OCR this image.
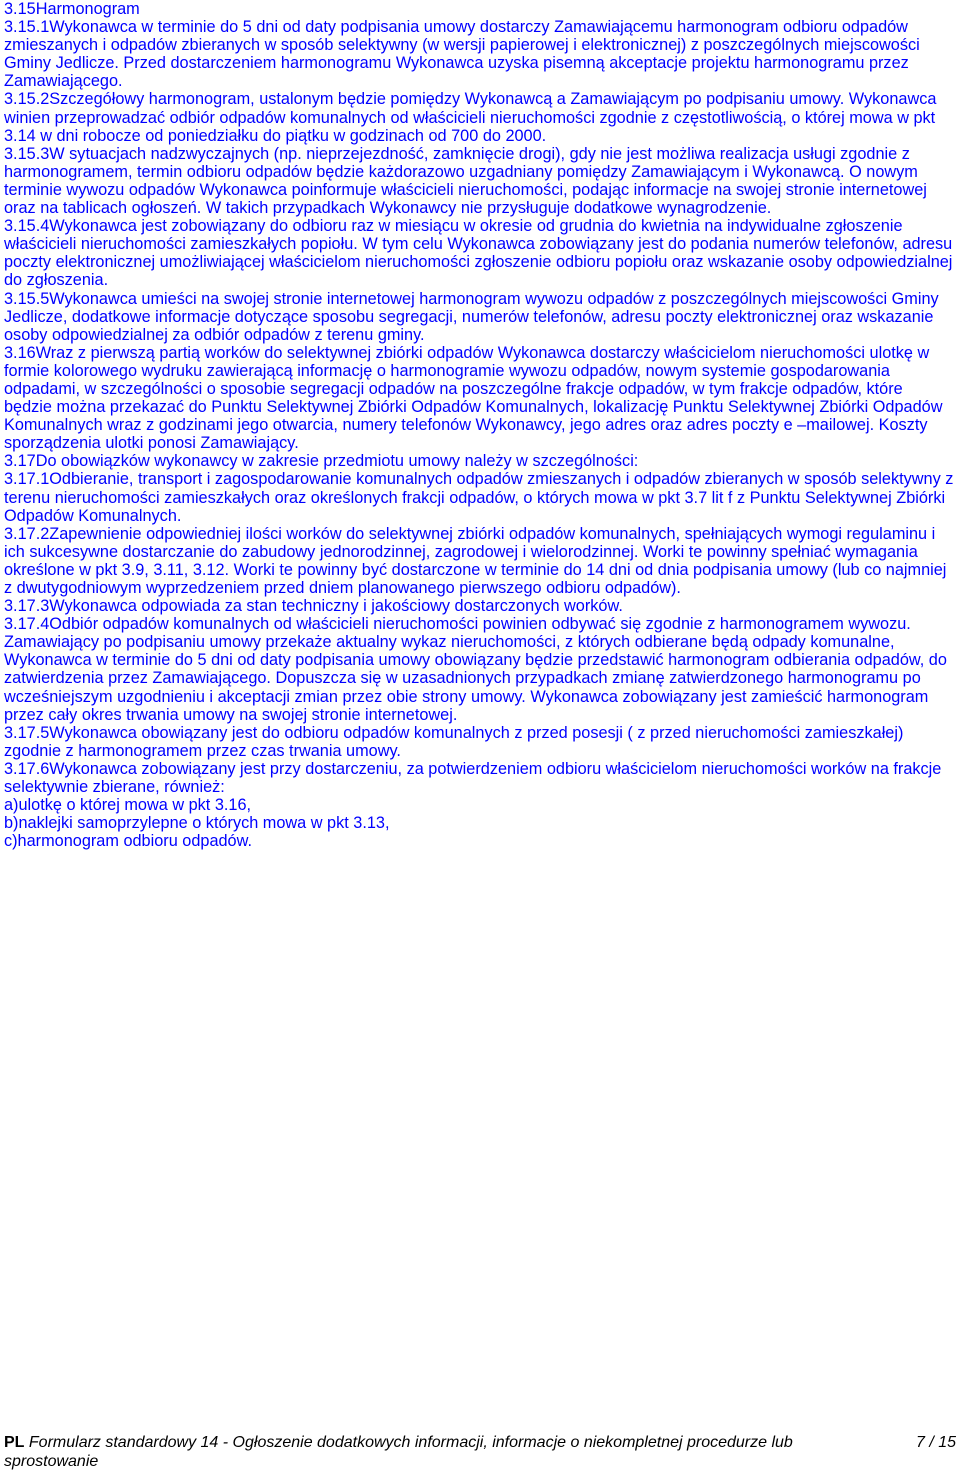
3.15Harmonogram

3.15.1Wykonawca w terminie do 5 dni od daty podpisania umowy dostarczy Zamawiającemu harmonogram odbioru odpadów zmieszanych i odpadów zbieranych w sposób selektywny (w wersji papierowej i elektronicznej) z poszczególnych miejscowości Gminy Jedlicze. Przed dostarczeniem harmonogramu Wykonawca uzyska pisemną akceptacje projektu harmonogramu przez Zamawiającego.

3.15.2Szczegółowy harmonogram, ustalonym będzie pomiędzy Wykonawcą a Zamawiającym po podpisaniu umowy. Wykonawca winien przeprowadzać odbiór odpadów komunalnych od właścicieli nieruchomości zgodnie z częstotliwością, o której mowa w pkt 3.14 w dni robocze od poniedziałku do piątku w godzinach od 700 do 2000.

3.15.3W sytuacjach nadzwyczajnych (np. nieprzejezdność, zamknięcie drogi), gdy nie jest możliwa realizacja usługi zgodnie z harmonogramem, termin odbioru odpadów będzie każdorazowo uzgadniany pomiędzy Zamawiającym i Wykonawcą. O nowym terminie wywozu odpadów Wykonawca poinformuje właścicieli nieruchomości, podając informacje na swojej stronie internetowej oraz na tablicach ogłoszeń. W takich przypadkach Wykonawcy nie przysługuje dodatkowe wynagrodzenie.

3.15.4Wykonawca jest zobowiązany do odbioru raz w miesiącu w okresie od grudnia do kwietnia na indywidualne zgłoszenie właścicieli nieruchomości zamieszkałych popiołu. W tym celu Wykonawca zobowiązany jest do podania numerów telefonów, adresu poczty elektronicznej umożliwiającej właścicielom nieruchomości zgłoszenie odbioru popiołu oraz wskazanie osoby odpowiedzialnej do zgłoszenia.

3.15.5Wykonawca umieści na swojej stronie internetowej harmonogram wywozu odpadów z poszczególnych miejscowości Gminy Jedlicze, dodatkowe informacje dotyczące sposobu segregacji, numerów telefonów, adresu poczty elektronicznej oraz wskazanie osoby odpowiedzialnej za odbiór odpadów z terenu gminy.

3.16Wraz z pierwszą partią worków do selektywnej zbiórki odpadów Wykonawca dostarczy właścicielom nieruchomości ulotkę w formie kolorowego wydruku zawierającą informację o harmonogramie wywozu odpadów, nowym systemie gospodarowania odpadami, w szczególności o sposobie segregacji odpadów na poszczególne frakcje odpadów, w tym frakcje odpadów, które będzie można przekazać do Punktu Selektywnej Zbiórki Odpadów Komunalnych, lokalizację Punktu Selektywnej Zbiórki Odpadów Komunalnych wraz z godzinami jego otwarcia, numery telefonów Wykonawcy, jego adres oraz adres poczty e –mailowej. Koszty sporządzenia ulotki ponosi Zamawiający.

3.17Do obowiązków wykonawcy w zakresie przedmiotu umowy należy w szczególności:

3.17.1Odbieranie, transport i zagospodarowanie komunalnych odpadów zmieszanych i odpadów zbieranych w sposób selektywny z terenu nieruchomości zamieszkałych oraz określonych frakcji odpadów, o których mowa w pkt 3.7 lit f z Punktu Selektywnej Zbiórki Odpadów Komunalnych.

3.17.2Zapewnienie odpowiedniej ilości worków do selektywnej zbiórki odpadów komunalnych, spełniających wymogi regulaminu i ich sukcesywne dostarczanie do zabudowy jednorodzinnej, zagrodowej i wielorodzinnej. Worki te powinny spełniać wymagania określone w pkt 3.9, 3.11, 3.12. Worki te powinny być dostarczone w terminie do 14 dni od dnia podpisania umowy (lub co najmniej z dwutygodniowym wyprzedzeniem przed dniem planowanego pierwszego odbioru odpadów).

3.17.3Wykonawca odpowiada za stan techniczny i jakościowy dostarczonych worków.

3.17.4Odbiór odpadów komunalnych od właścicieli nieruchomości powinien odbywać się zgodnie z harmonogramem wywozu. Zamawiający po podpisaniu umowy przekaże aktualny wykaz nieruchomości, z których odbierane będą odpady komunalne, Wykonawca w terminie do 5 dni od daty podpisania umowy obowiązany będzie przedstawić harmonogram odbierania odpadów, do zatwierdzenia przez Zamawiającego. Dopuszcza się w uzasadnionych przypadkach zmianę zatwierdzonego harmonogramu po wcześniejszym uzgodnieniu i akceptacji zmian przez obie strony umowy. Wykonawca zobowiązany jest zamieścić harmonogram przez cały okres trwania umowy na swojej stronie internetowej.

3.17.5Wykonawca obowiązany jest do odbioru odpadów komunalnych z przed posesji ( z przed nieruchomości zamieszkałej) zgodnie z harmonogramem przez czas trwania umowy.

3.17.6Wykonawca zobowiązany jest przy dostarczeniu, za potwierdzeniem odbioru właścicielom nieruchomości worków na frakcje selektywnie zbierane, również:

a)ulotkę o której mowa w pkt 3.16,

b)naklejki samoprzylepne o których mowa w pkt 3.13,

c)harmonogram odbioru odpadów.

PL Formularz standardowy 14 - Ogłoszenie dodatkowych informacji, informacje o niekompletnej procedurze lub sprostowanie
7 / 15
